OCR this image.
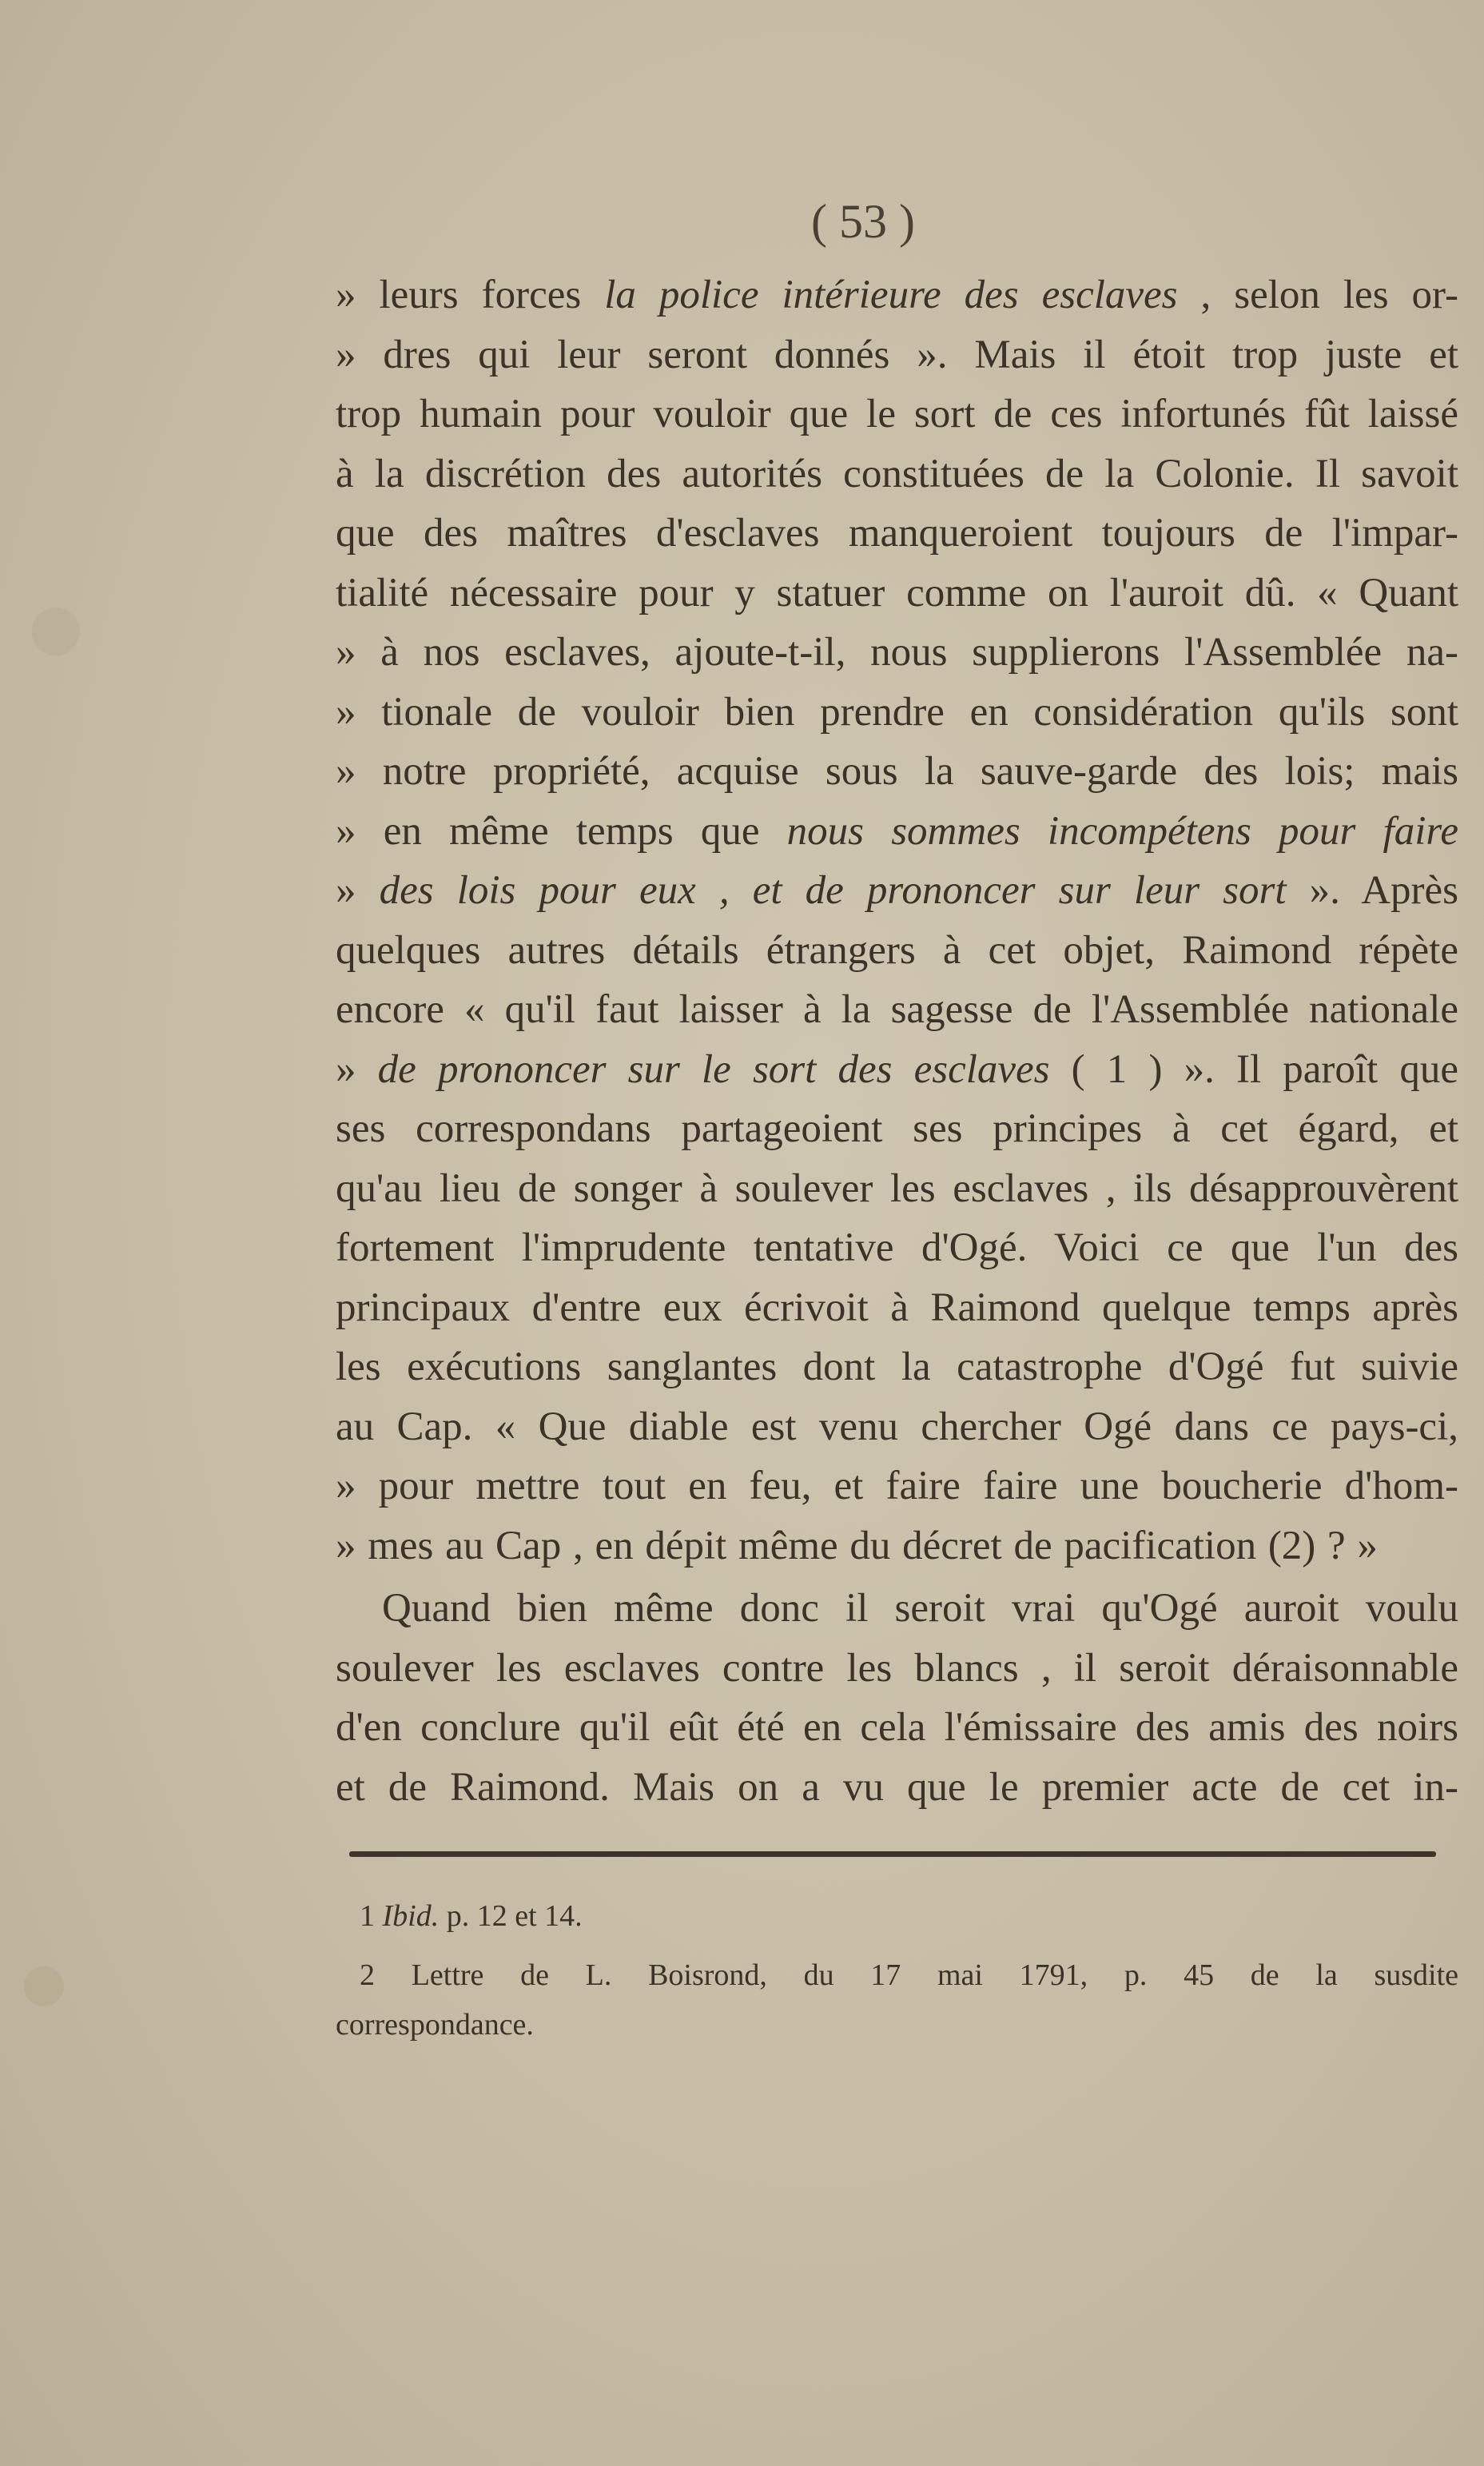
( 53 )
» leurs forces la police intérieure des esclaves , selon les or-
» dres qui leur seront donnés ». Mais il étoit trop juste et
trop humain pour vouloir que le sort de ces infortunés fût laissé
à la discrétion des autorités constituées de la Colonie. Il savoit
que des maîtres d'esclaves manqueroient toujours de l'impar-
tialité nécessaire pour y statuer comme on l'auroit dû. « Quant
» à nos esclaves, ajoute-t-il, nous supplierons l'Assemblée na-
» tionale de vouloir bien prendre en considération qu'ils sont
» notre propriété, acquise sous la sauve-garde des lois; mais
» en même temps que nous sommes incompétens pour faire
» des lois pour eux , et de prononcer sur leur sort ». Après
quelques autres détails étrangers à cet objet, Raimond répète
encore « qu'il faut laisser à la sagesse de l'Assemblée nationale
» de prononcer sur le sort des esclaves ( 1 ) ». Il paroît que
ses correspondans partageoient ses principes à cet égard, et
qu'au lieu de songer à soulever les esclaves , ils désapprouvèrent
fortement l'imprudente tentative d'Ogé. Voici ce que l'un des
principaux d'entre eux écrivoit à Raimond quelque temps après
les exécutions sanglantes dont la catastrophe d'Ogé fut suivie
au Cap. « Que diable est venu chercher Ogé dans ce pays-ci,
» pour mettre tout en feu, et faire faire une boucherie d'hom-
» mes au Cap , en dépit même du décret de pacification (2) ? »
Quand bien même donc il seroit vrai qu'Ogé auroit voulu
soulever les esclaves contre les blancs , il seroit déraisonnable
d'en conclure qu'il eût été en cela l'émissaire des amis des noirs
et de Raimond. Mais on a vu que le premier acte de cet in-
1 Ibid. p. 12 et 14.
2 Lettre de L. Boisrond, du 17 mai 1791, p. 45 de la susdite
correspondance.
